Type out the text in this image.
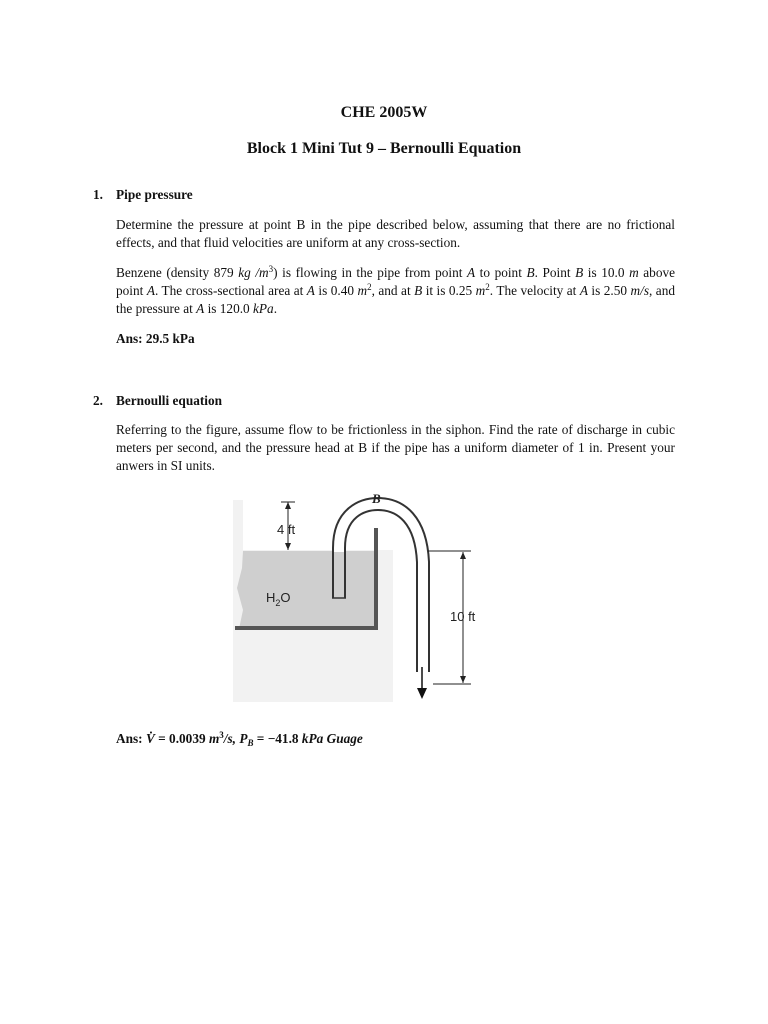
CHE 2005W
Block 1 Mini Tut 9 – Bernoulli Equation
1. Pipe pressure
Determine the pressure at point B in the pipe described below, assuming that there are no frictional effects, and that fluid velocities are uniform at any cross-section.
Benzene (density 879 kg $/m^3$) is flowing in the pipe from point A to point B. Point B is 10.0 m above point A. The cross-sectional area at A is 0.40 $m^2$, and at B it is 0.25 $m^2$. The velocity at A is 2.50 m/s, and the pressure at A is 120.0 kPa.
Ans: 29.5 kPa
2. Bernoulli equation
Referring to the figure, assume flow to be frictionless in the siphon. Find the rate of discharge in cubic meters per second, and the pressure head at B if the pipe has a uniform diameter of 1 in. Present your anwers in SI units.
4 ft
10 ft
B
$H_2O$
Ans: V̇ = 0.0039 $m^3/s$, $P_B = -41.8$ kPa Guage
